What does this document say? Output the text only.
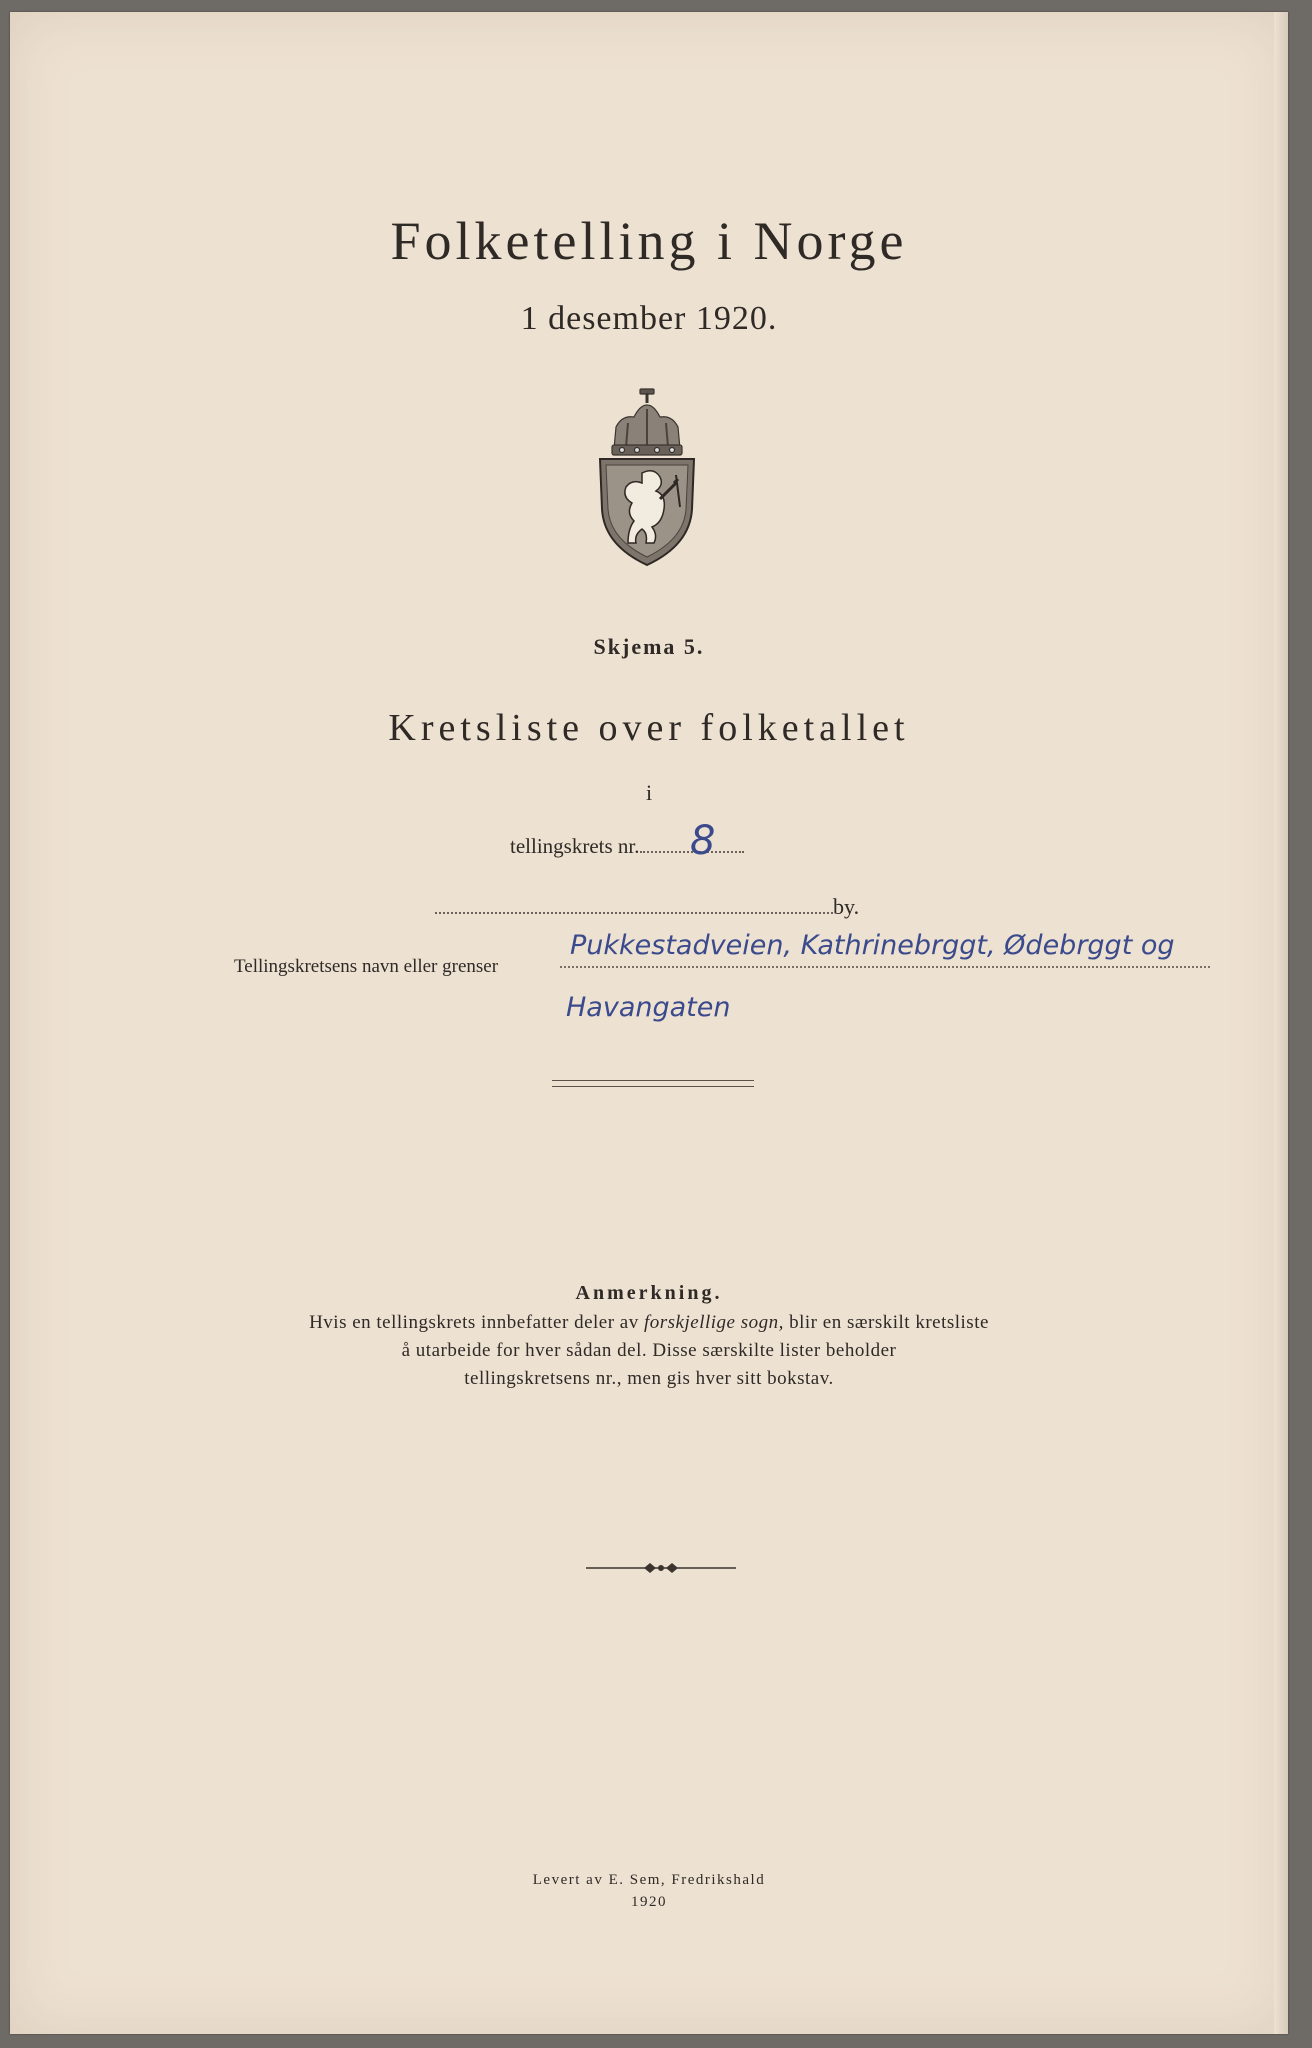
Folketelling i Norge
1 desember 1920.
Skjema 5.
Kretsliste over folketallet
i
tellingskrets nr. 8
by.
Tellingskretsens navn eller grenser
Pukkestadveien, Kathrinebrggt, Ødebrggt og
Havangaten
Anmerkning.
Hvis en tellingskrets innbefatter deler av forskjellige sogn, blir en særskilt kretsliste
å utarbeide for hver sådan del. Disse særskilte lister beholder
tellingskretsens nr., men gis hver sitt bokstav.
Levert av E. Sem, Fredrikshald
1920
